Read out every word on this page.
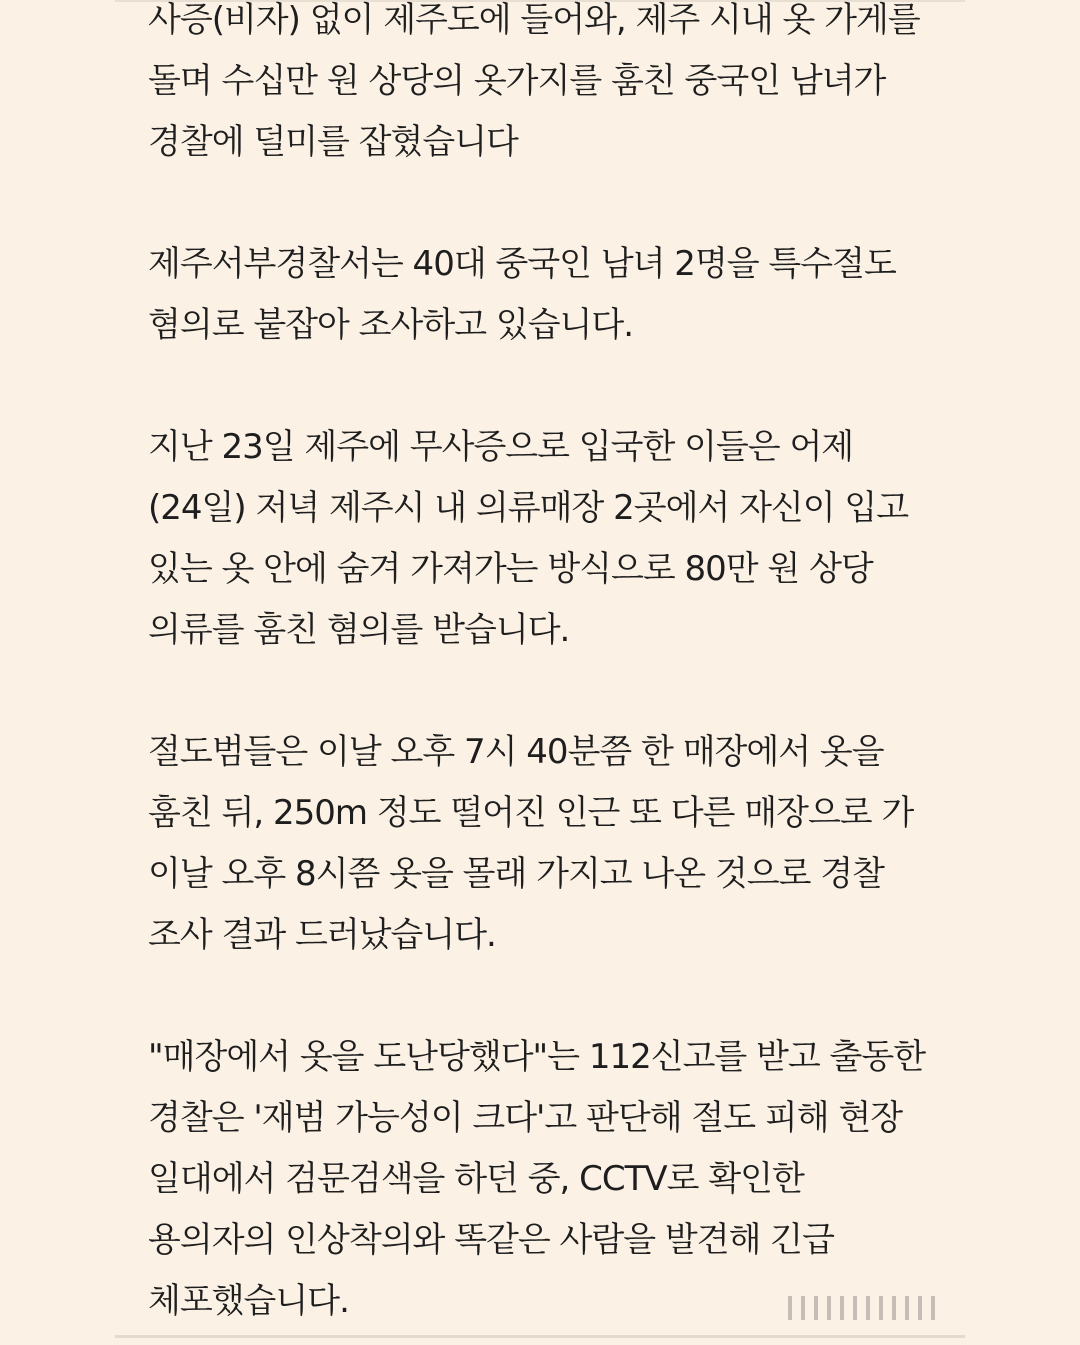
사증(비자) 없이 제주도에 들어와, 제주 시내 옷 가게를 돌며 수십만 원 상당의 옷가지를 훔친 중국인 남녀가 경찰에 덜미를 잡혔습니다

제주서부경찰서는 40대 중국인 남녀 2명을 특수절도 혐의로 붙잡아 조사하고 있습니다.

지난 23일 제주에 무사증으로 입국한 이들은 어제(24일) 저녁 제주시 내 의류매장 2곳에서 자신이 입고 있는 옷 안에 숨겨 가져가는 방식으로 80만 원 상당 의류를 훔친 혐의를 받습니다.

절도범들은 이날 오후 7시 40분쯤 한 매장에서 옷을 훔친 뒤, 250m 정도 떨어진 인근 또 다른 매장으로 가 이날 오후 8시쯤 옷을 몰래 가지고 나온 것으로 경찰 조사 결과 드러났습니다.

"매장에서 옷을 도난당했다"는 112신고를 받고 출동한 경찰은 '재범 가능성이 크다'고 판단해 절도 피해 현장 일대에서 검문검색을 하던 중, CCTV로 확인한 용의자의 인상착의와 똑같은 사람을 발견해 긴급 체포했습니다.
